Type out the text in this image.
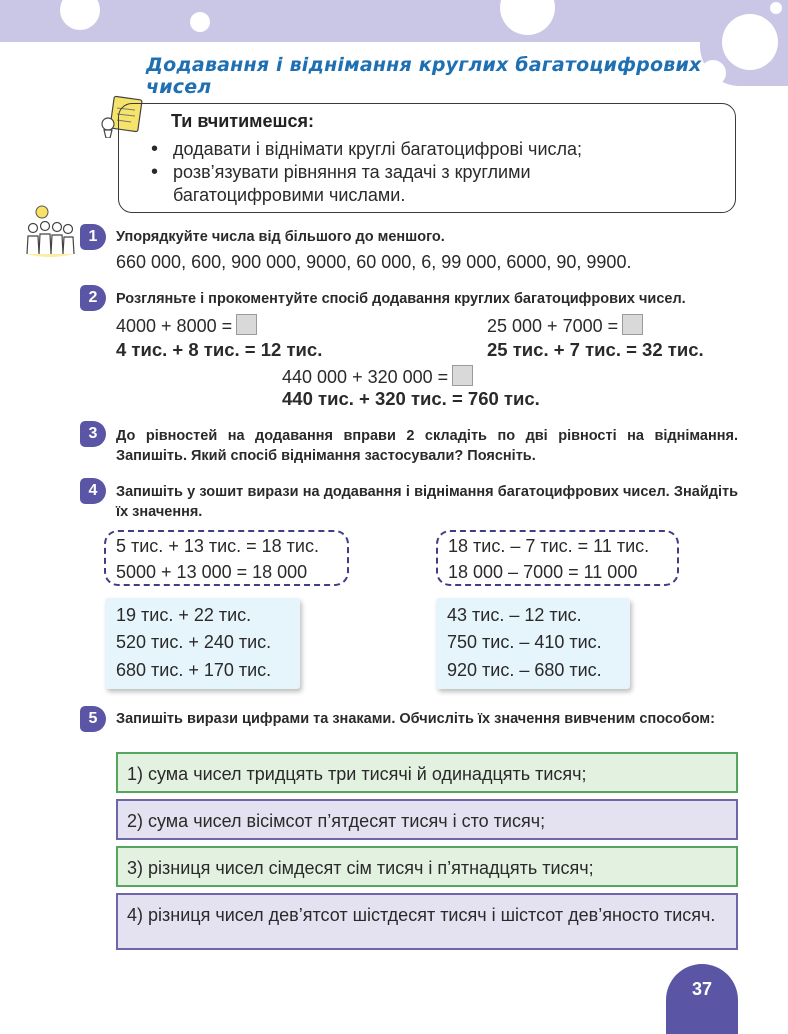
Додавання і віднімання круглих багатоцифрових чисел
Ти вчитимешся:
• додавати і віднімати круглі багатоцифрові числа;
• розв’язувати рівняння та задачі з круглими багатоцифровими числами.
1	Упорядкуйте числа від більшого до меншого.
660 000, 600, 900 000, 9000, 60 000, 6, 99 000, 6000, 90, 9900.
2	Розгляньте і прокоментуйте спосіб додавання круглих багатоцифрових чисел.
4000 + 8000 =
4 тис. + 8 тис. = 12 тис.
25 000 + 7000 =
25 тис. + 7 тис. = 32 тис.
440 000 + 320 000 =
440 тис. + 320 тис. = 760 тис.
3	До рівностей на додавання вправи 2 складіть по дві рівності на віднімання. Запишіть. Який спосіб віднімання застосували? Поясніть.
4	Запишіть у зошит вирази на додавання і віднімання багатоцифрових чисел. Знайдіть їх значення.
5 тис. + 13 тис. = 18 тис.
5000 + 13 000 = 18 000
18 тис. – 7 тис. = 11 тис.
18 000 – 7000 = 11 000
19 тис. + 22 тис.
520 тис. + 240 тис.
680 тис. + 170 тис.
43 тис. – 12 тис.
750 тис. – 410 тис.
920 тис. – 680 тис.
5	Запишіть вирази цифрами та знаками. Обчисліть їх значення вивченим способом:
1) сума чисел тридцять три тисячі й одинадцять тисяч;
2) сума чисел вісімсот п’ятдесят тисяч і сто тисяч;
3) різниця чисел сімдесят сім тисяч і п’ятнадцять тисяч;
4) різниця чисел дев’ятсот шістдесят тисяч і шістсот дев’яносто тисяч.
37
